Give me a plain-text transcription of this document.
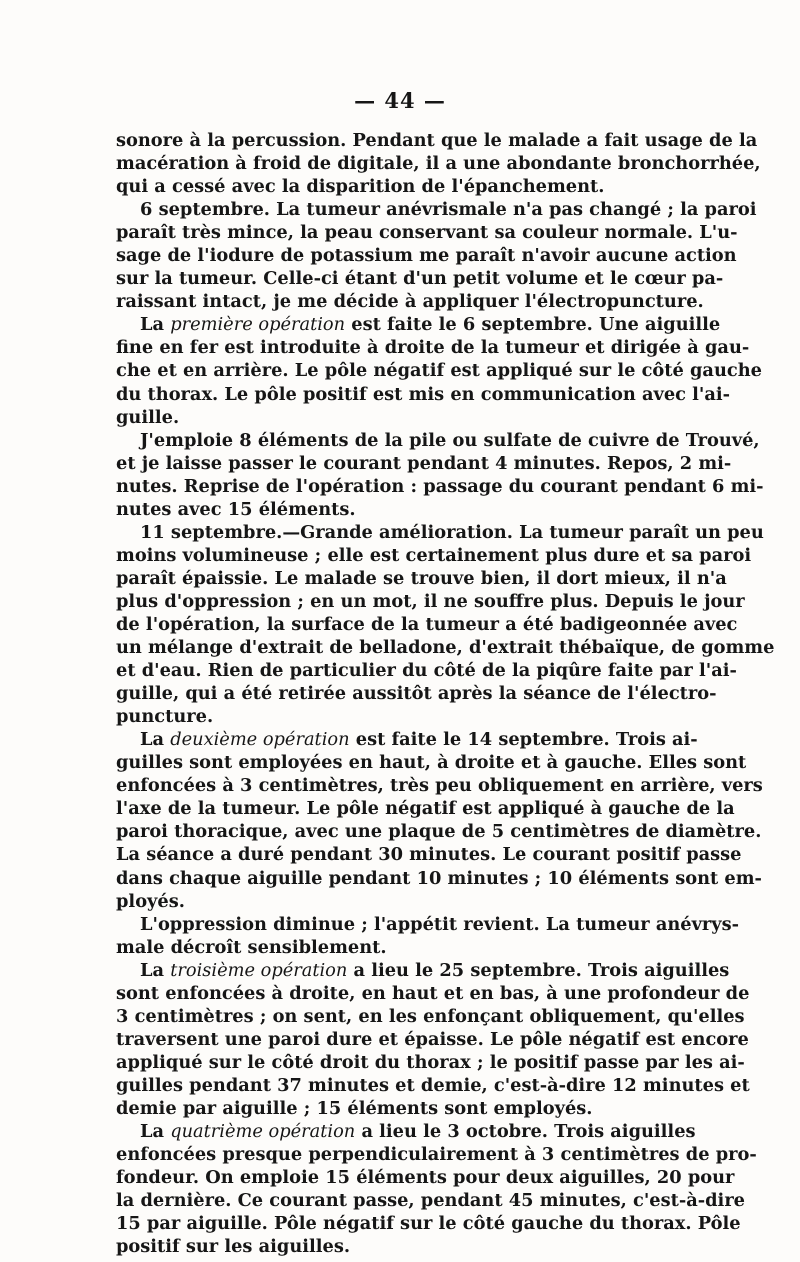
— 44 —
sonore à la percussion. Pendant que le malade a fait usage de la
macération à froid de digitale, il a une abondante bronchorrhée,
qui a cessé avec la disparition de l'épanchement.
6 septembre. La tumeur anévrismale n'a pas changé ; la paroi
paraît très mince, la peau conservant sa couleur normale. L'u-
sage de l'iodure de potassium me paraît n'avoir aucune action
sur la tumeur. Celle-ci étant d'un petit volume et le cœur pa-
raissant intact, je me décide à appliquer l'électropuncture.
La première opération est faite le 6 septembre. Une aiguille
fine en fer est introduite à droite de la tumeur et dirigée à gau-
che et en arrière. Le pôle négatif est appliqué sur le côté gauche
du thorax. Le pôle positif est mis en communication avec l'ai-
guille.
J'emploie 8 éléments de la pile ou sulfate de cuivre de Trouvé,
et je laisse passer le courant pendant 4 minutes. Repos, 2 mi-
nutes. Reprise de l'opération : passage du courant pendant 6 mi-
nutes avec 15 éléments.
11 septembre.—Grande amélioration. La tumeur paraît un peu
moins volumineuse ; elle est certainement plus dure et sa paroi
paraît épaissie. Le malade se trouve bien, il dort mieux, il n'a
plus d'oppression ; en un mot, il ne souffre plus. Depuis le jour
de l'opération, la surface de la tumeur a été badigeonnée avec
un mélange d'extrait de belladone, d'extrait thébaïque, de gomme
et d'eau. Rien de particulier du côté de la piqûre faite par l'ai-
guille, qui a été retirée aussitôt après la séance de l'électro-
puncture.
La deuxième opération est faite le 14 septembre. Trois ai-
guilles sont employées en haut, à droite et à gauche. Elles sont
enfoncées à 3 centimètres, très peu obliquement en arrière, vers
l'axe de la tumeur. Le pôle négatif est appliqué à gauche de la
paroi thoracique, avec une plaque de 5 centimètres de diamètre.
La séance a duré pendant 30 minutes. Le courant positif passe
dans chaque aiguille pendant 10 minutes ; 10 éléments sont em-
ployés.
L'oppression diminue ; l'appétit revient. La tumeur anévrys-
male décroît sensiblement.
La troisième opération a lieu le 25 septembre. Trois aiguilles
sont enfoncées à droite, en haut et en bas, à une profondeur de
3 centimètres ; on sent, en les enfonçant obliquement, qu'elles
traversent une paroi dure et épaisse. Le pôle négatif est encore
appliqué sur le côté droit du thorax ; le positif passe par les ai-
guilles pendant 37 minutes et demie, c'est-à-dire 12 minutes et
demie par aiguille ; 15 éléments sont employés.
La quatrième opération a lieu le 3 octobre. Trois aiguilles
enfoncées presque perpendiculairement à 3 centimètres de pro-
fondeur. On emploie 15 éléments pour deux aiguilles, 20 pour
la dernière. Ce courant passe, pendant 45 minutes, c'est-à-dire
15 par aiguille. Pôle négatif sur le côté gauche du thorax. Pôle
positif sur les aiguilles.
